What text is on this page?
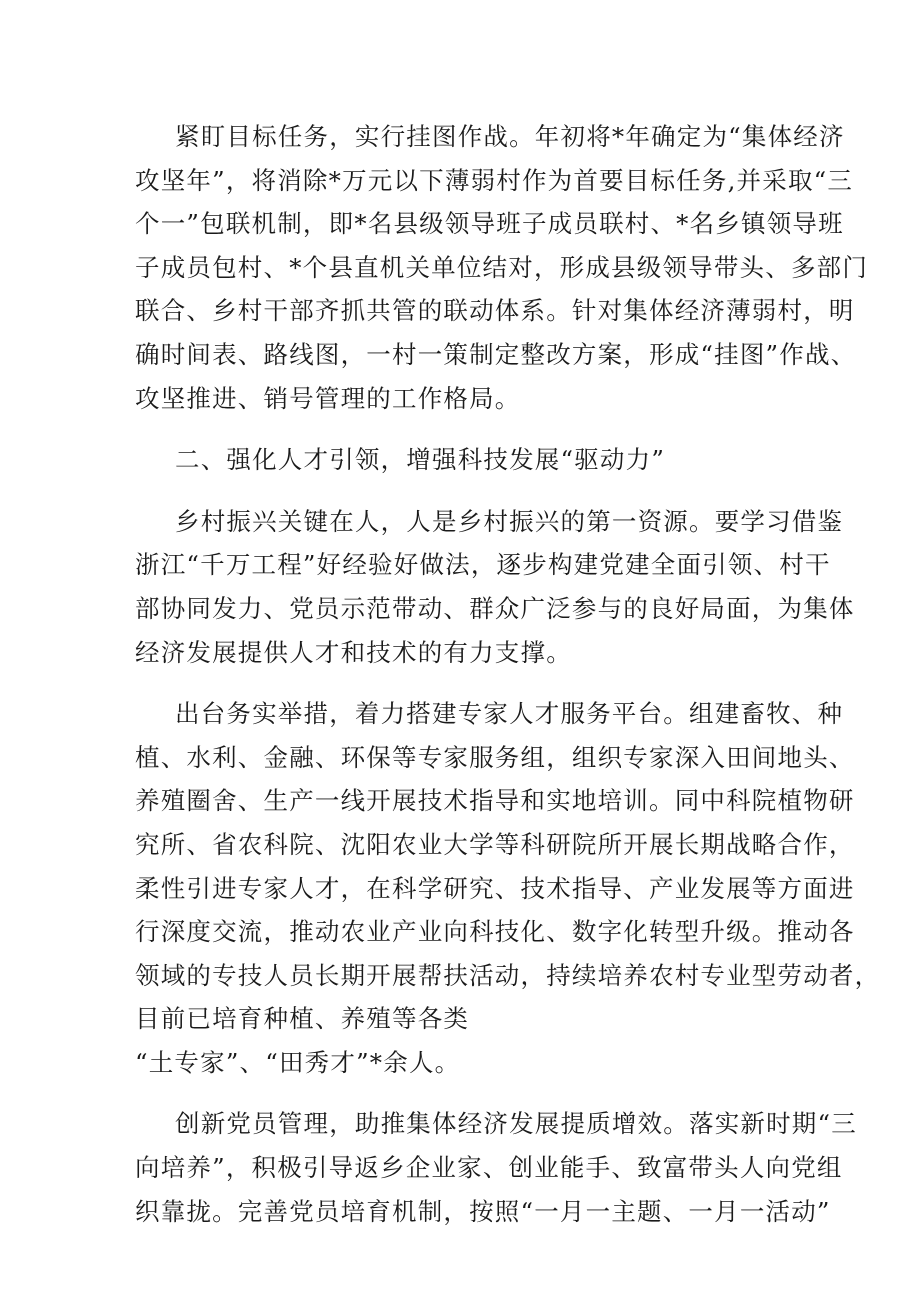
紧盯目标任务，实行挂图作战。年初将*年确定为“集体经济
攻坚年”，将消除*万元以下薄弱村作为首要目标任务,并采取“三
个一”包联机制，即*名县级领导班子成员联村、*名乡镇领导班
子成员包村、*个县直机关单位结对，形成县级领导带头、多部门
联合、乡村干部齐抓共管的联动体系。针对集体经济薄弱村，明
确时间表、路线图，一村一策制定整改方案，形成“挂图”作战、
攻坚推进、销号管理的工作格局。
二、强化人才引领，增强科技发展“驱动力”
乡村振兴关键在人，人是乡村振兴的第一资源。要学习借鉴
浙江“千万工程”好经验好做法，逐步构建党建全面引领、村干
部协同发力、党员示范带动、群众广泛参与的良好局面，为集体
经济发展提供人才和技术的有力支撑。
出台务实举措，着力搭建专家人才服务平台。组建畜牧、种
植、水利、金融、环保等专家服务组，组织专家深入田间地头、
养殖圈舍、生产一线开展技术指导和实地培训。同中科院植物研
究所、省农科院、沈阳农业大学等科研院所开展长期战略合作，
柔性引进专家人才，在科学研究、技术指导、产业发展等方面进
行深度交流，推动农业产业向科技化、数字化转型升级。推动各
领域的专技人员长期开展帮扶活动，持续培养农村专业型劳动者，
目前已培育种植、养殖等各类
“土专家”、“田秀才”*余人。
创新党员管理，助推集体经济发展提质增效。落实新时期“三
向培养”，积极引导返乡企业家、创业能手、致富带头人向党组
织靠拢。完善党员培育机制，按照“一月一主题、一月一活动”
